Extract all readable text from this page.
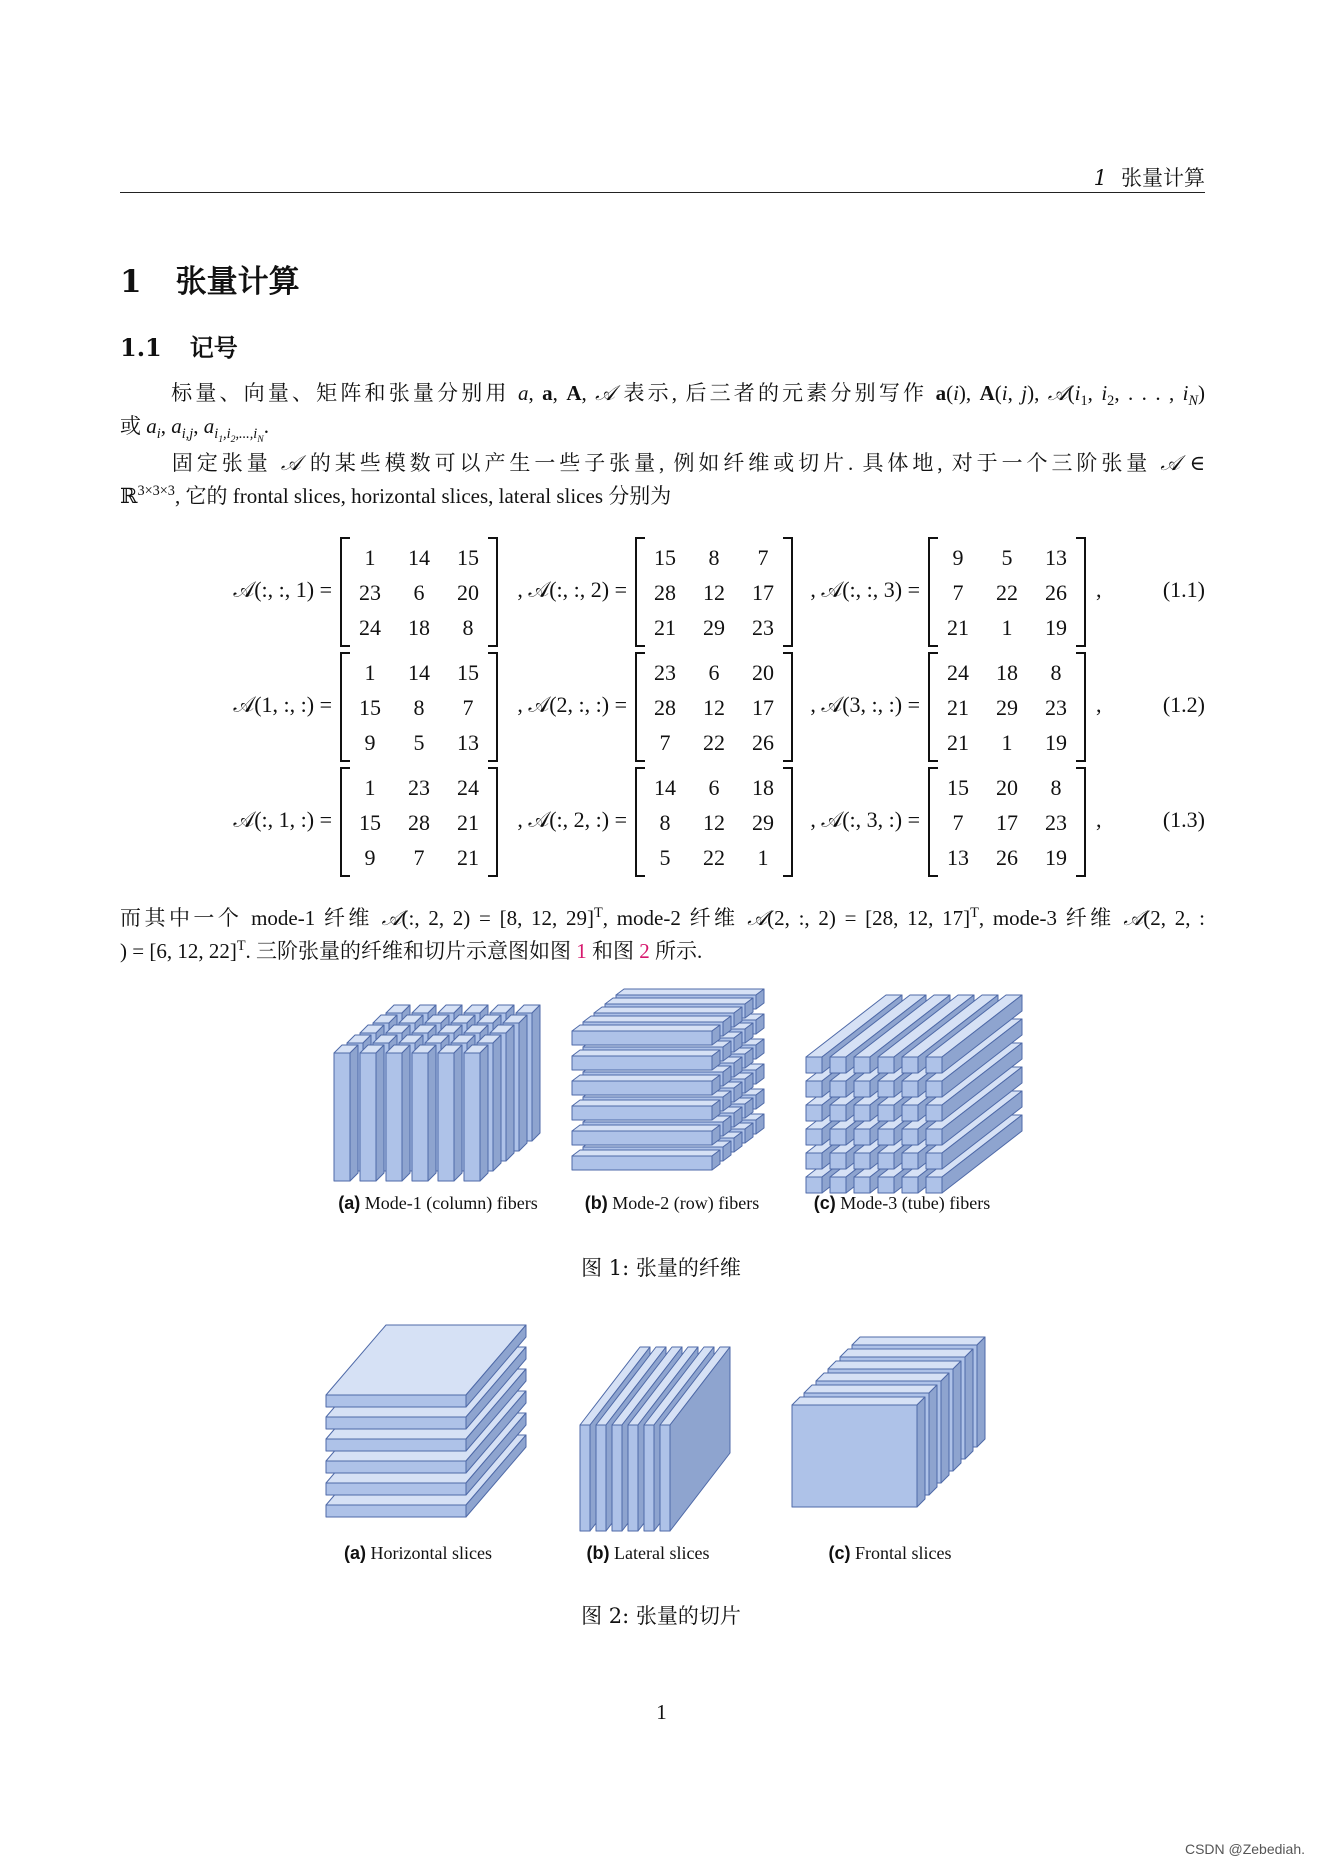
1 张量计算
1 张量计算
1.1 记号
标量、向量、矩阵和张量分别用 a, a, A, 𝒜 表示, 后三者的元素分别写作 a(i), A(i, j), $𝒜(i_1$, $i_2$, . . . , $i_N$)
或 $a_i$, $a_{i,j}$, $a_{i_1,i_2,...,i_N}$.
固定张量 𝒜 的某些模数可以产生一些子张量, 例如纤维或切片. 具体地, 对于一个三阶张量 𝒜 ∈
ℝ$^{3\times 3\times 3}$, 它的 frontal slices, horizontal slices, lateral slices 分别为
𝒜(:, :, 1) =	, 𝒜(:, :, 2) =	, 𝒜(:, :, 3) =
1	14	15
23	6	20
24	18	8
15	8	7
28	12	17
21	29	23
9	5	13
7	22	26
21	1	19
,	(1.1)
𝒜(1, :, :) =	, 𝒜(2, :, :) =	, 𝒜(3, :, :) =
1	14	15
15	8	7
9	5	13
23	6	20
28	12	17
7	22	26
24	18	8
21	29	23
21	1	19
,	(1.2)
𝒜(:, 1, :) =	, 𝒜(:, 2, :) =	, 𝒜(:, 3, :) =
1	23	24
15	28	21
9	7	21
14	6	18
8	12	29
5	22	1
15	20	8
7	17	23
13	26	19
,	(1.3)
而其中一个 mode-1 纤维 𝒜(:, 2, 2) = [8, 12, 29]$^T$, mode-2 纤维 𝒜(2, :, 2) = [28, 12, 17]$^T$, mode-3 纤维 𝒜(2, 2, :
) = [6, 12, 22]$^T$. 三阶张量的纤维和切片示意图如图 1 和图 2 所示.
(a) Mode-1 (column) fibers	(b) Mode-2 (row) fibers	(c) Mode-3 (tube) fibers
图 1: 张量的纤维
(a) Horizontal slices	(b) Lateral slices	(c) Frontal slices
图 2: 张量的切片
1
CSDN @Zebediah.
